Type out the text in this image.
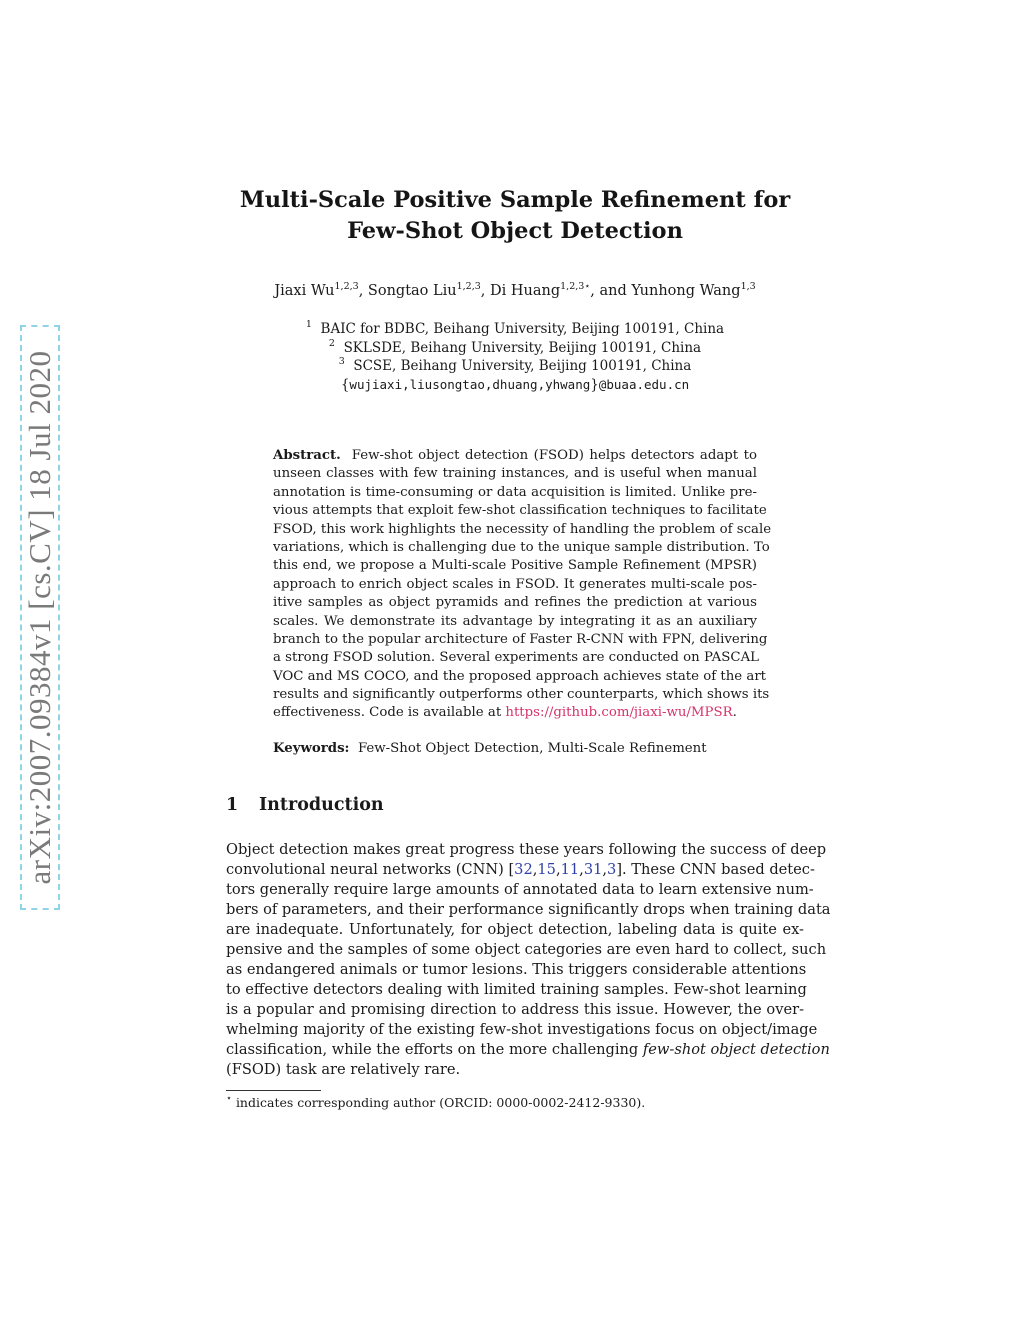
arXiv:2007.09384v1 [cs.CV] 18 Jul 2020
Multi-Scale Positive Sample Refinement for
Few-Shot Object Detection
Jiaxi Wu$^{1,2,3}$, Songtao Liu$^{1,2,3}$, Di Huang$^{1,2,3⋆}$, and Yunhong Wang$^{1,3}$
$^1$ BAIC for BDBC, Beihang University, Beijing 100191, China
$^2$ SKLSDE, Beihang University, Beijing 100191, China
$^3$ SCSE, Beihang University, Beijing 100191, China
{wujiaxi,liusongtao,dhuang,yhwang}@buaa.edu.cn
Abstract. Few-shot object detection (FSOD) helps detectors adapt to
unseen classes with few training instances, and is useful when manual
annotation is time-consuming or data acquisition is limited. Unlike pre-
vious attempts that exploit few-shot classification techniques to facilitate
FSOD, this work highlights the necessity of handling the problem of scale
variations, which is challenging due to the unique sample distribution. To
this end, we propose a Multi-scale Positive Sample Refinement (MPSR)
approach to enrich object scales in FSOD. It generates multi-scale pos-
itive samples as object pyramids and refines the prediction at various
scales. We demonstrate its advantage by integrating it as an auxiliary
branch to the popular architecture of Faster R-CNN with FPN, delivering
a strong FSOD solution. Several experiments are conducted on PASCAL
VOC and MS COCO, and the proposed approach achieves state of the art
results and significantly outperforms other counterparts, which shows its
effectiveness. Code is available at https://github.com/jiaxi-wu/MPSR.
Keywords: Few-Shot Object Detection, Multi-Scale Refinement
1 Introduction
Object detection makes great progress these years following the success of deep
convolutional neural networks (CNN) [32,15,11,31,3]. These CNN based detec-
tors generally require large amounts of annotated data to learn extensive num-
bers of parameters, and their performance significantly drops when training data
are inadequate. Unfortunately, for object detection, labeling data is quite ex-
pensive and the samples of some object categories are even hard to collect, such
as endangered animals or tumor lesions. This triggers considerable attentions
to effective detectors dealing with limited training samples. Few-shot learning
is a popular and promising direction to address this issue. However, the over-
whelming majority of the existing few-shot investigations focus on object/image
classification, while the efforts on the more challenging few-shot object detection
(FSOD) task are relatively rare.
⋆ indicates corresponding author (ORCID: 0000-0002-2412-9330).
